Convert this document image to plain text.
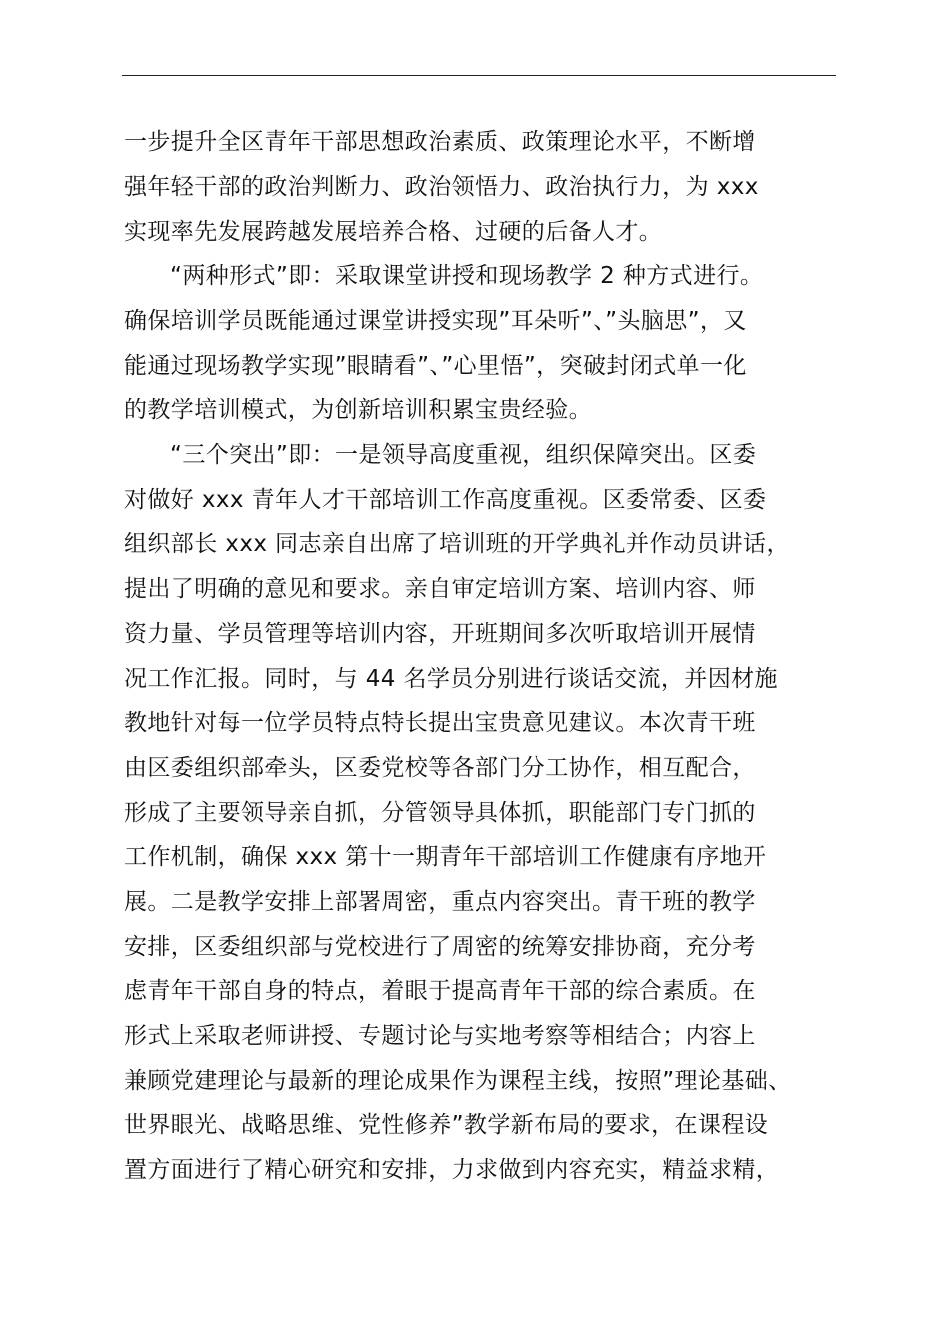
一步提升全区青年干部思想政治素质、政策理论水平，不断增
强年轻干部的政治判断力、政治领悟力、政治执行力，为 xxx
实现率先发展跨越发展培养合格、过硬的后备人才。
“两种形式”即：采取课堂讲授和现场教学 2 种方式进行。
确保培训学员既能通过课堂讲授实现”耳朵听”、”头脑思”，又
能通过现场教学实现”眼睛看”、”心里悟”，突破封闭式单一化
的教学培训模式，为创新培训积累宝贵经验。
“三个突出”即：一是领导高度重视，组织保障突出。区委
对做好 xxx 青年人才干部培训工作高度重视。区委常委、区委
组织部长 xxx 同志亲自出席了培训班的开学典礼并作动员讲话，
提出了明确的意见和要求。亲自审定培训方案、培训内容、师
资力量、学员管理等培训内容，开班期间多次听取培训开展情
况工作汇报。同时，与 44 名学员分别进行谈话交流，并因材施
教地针对每一位学员特点特长提出宝贵意见建议。本次青干班
由区委组织部牵头，区委党校等各部门分工协作，相互配合，
形成了主要领导亲自抓，分管领导具体抓，职能部门专门抓的
工作机制，确保 xxx 第十一期青年干部培训工作健康有序地开
展。二是教学安排上部署周密，重点内容突出。青干班的教学
安排，区委组织部与党校进行了周密的统筹安排协商，充分考
虑青年干部自身的特点，着眼于提高青年干部的综合素质。在
形式上采取老师讲授、专题讨论与实地考察等相结合；内容上
兼顾党建理论与最新的理论成果作为课程主线，按照”理论基础、
世界眼光、战略思维、党性修养”教学新布局的要求，在课程设
置方面进行了精心研究和安排，力求做到内容充实，精益求精，
